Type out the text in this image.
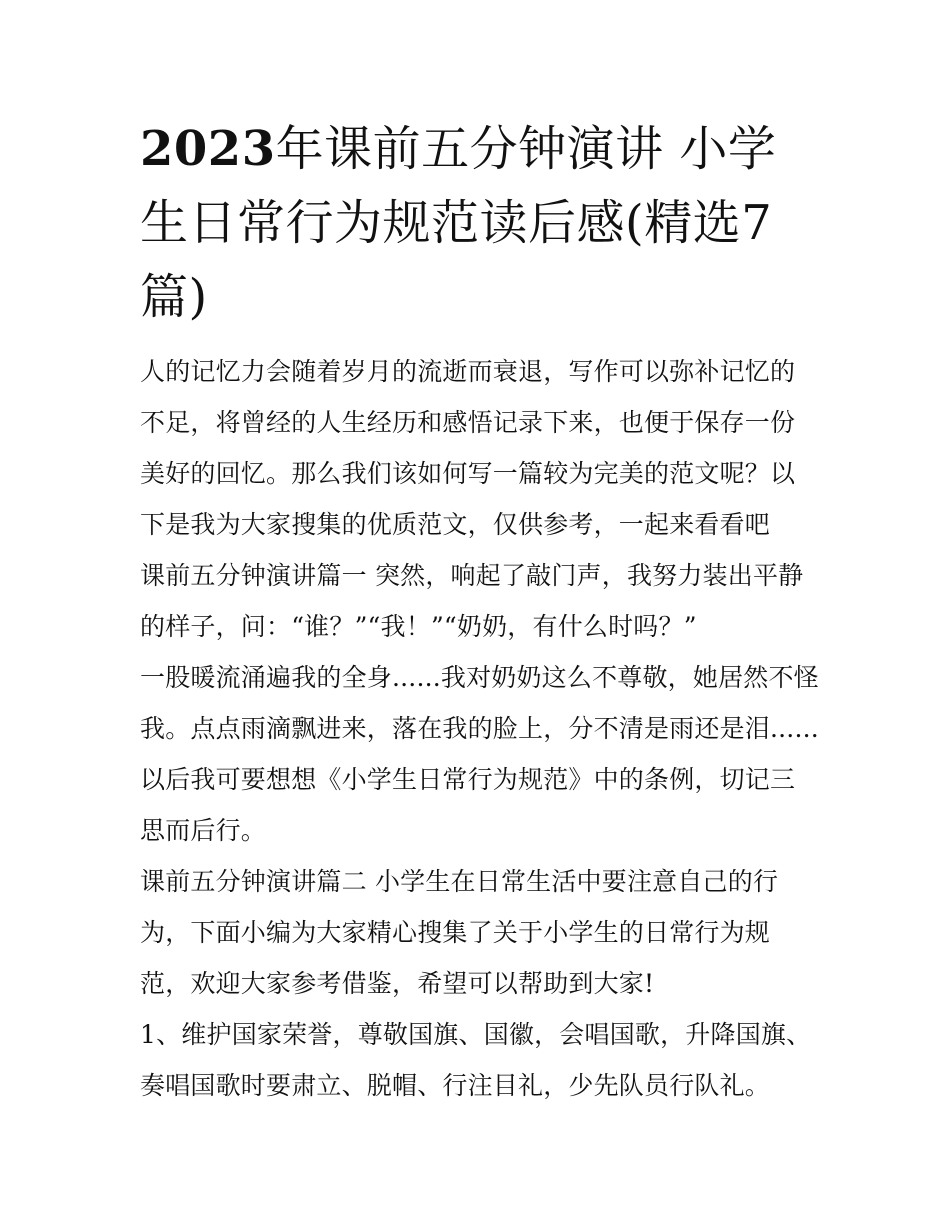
2023年课前五分钟演讲 小学生日常行为规范读后感(精选7篇)

人的记忆力会随着岁月的流逝而衰退，写作可以弥补记忆的不足，将曾经的人生经历和感悟记录下来，也便于保存一份美好的回忆。那么我们该如何写一篇较为完美的范文呢？以下是我为大家搜集的优质范文，仅供参考，一起来看看吧

课前五分钟演讲篇一 突然，响起了敲门声，我努力装出平静的样子，问：“谁？”“我！”“奶奶，有什么时吗？”

一股暖流涌遍我的全身......我对奶奶这么不尊敬，她居然不怪我。点点雨滴飘进来，落在我的脸上，分不清是雨还是泪......以后我可要想想《小学生日常行为规范》中的条例，切记三思而后行。

课前五分钟演讲篇二 小学生在日常生活中要注意自己的行为，下面小编为大家精心搜集了关于小学生的日常行为规范，欢迎大家参考借鉴，希望可以帮助到大家!

1、维护国家荣誉，尊敬国旗、国徽，会唱国歌，升降国旗、奏唱国歌时要肃立、脱帽、行注目礼，少先队员行队礼。
